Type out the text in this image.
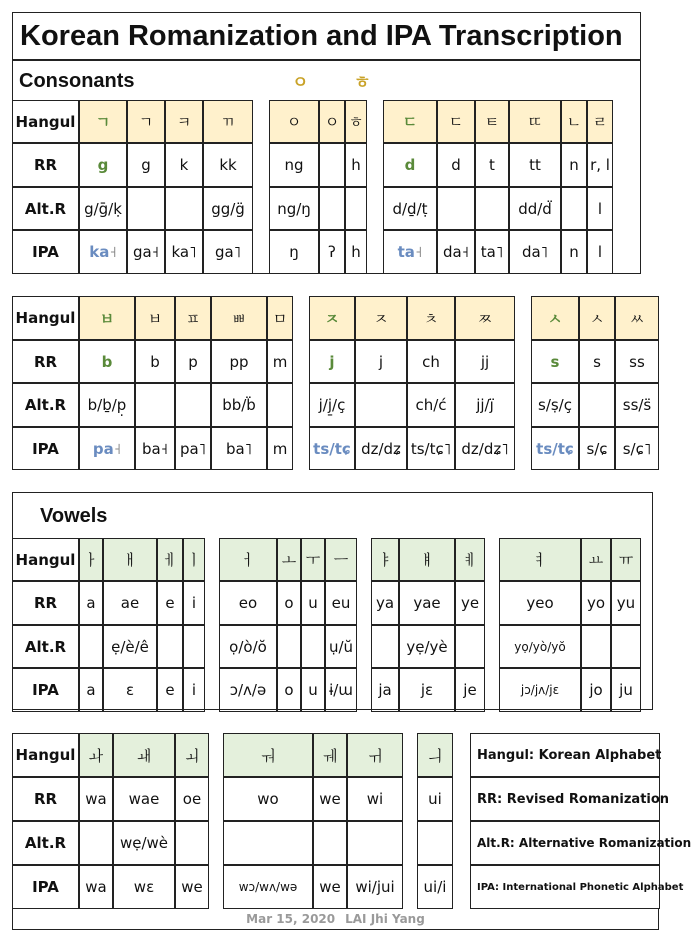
Korean Romanization and IPA Transcription
Consonants	ㅇ	ㅎ
Vowels
Hangul
RR
Alt.R
IPA
ㄱ
g
g/ḡ/ḳ
ka ˧
ㄱ
g
ga˧
ㅋ
k
ka˥
ㄲ
kk
gg/g̈
ga˥
ㅇ
ng
ng/ŋ
ŋ
ㅇ
ʔ
ㅎ
h
h
ㄷ
d
d/ḏ/ṭ
ta ˧
ㄷ
d
da˧
ㅌ
t
ta˥
ㄸ
tt
dd/d̈
da˥
ㄴ
n
n
ㄹ
r, l
l
l
Hangul
RR
Alt.R
IPA
ㅂ
b
b/ḇ/p̣
pa ˧
ㅂ
b
ba˧
ㅍ
p
pa˥
ㅃ
pp
bb/b̈
ba˥
ㅁ
m
m
ㅈ
j
j/j̱/ç
ts/tɕ
ㅈ
j
dz/dʑ
ㅊ
ch
ch/ć
ts/tɕ˥
ㅉ
jj
jj/j̈
dz/dʑ˥
ㅅ
s
s/ṣ/ç
ts/tɕ
ㅅ
s
s/ɕ
ㅆ
ss
ss/s̈
s/ɕ˥
Hangul
RR
Alt.R
IPA
ㅏ
a
a
ㅐ
ae
ẹ/è/ê
ɛ
ㅔ
e
e
ㅣ
i
i
ㅓ
eo
ọ/ò/ŏ
ɔ/ʌ/ə
ㅗ
o
o
ㅜ
u
u
ㅡ
eu
ụ/ŭ
ɨ/ɯ
ㅑ
ya
ja
ㅒ
yae
yẹ/yè
jɛ
ㅖ
ye
je
ㅕ
yeo
yọ/yò/yŏ
jɔ/jʌ/jɛ
ㅛ
yo
jo
ㅠ
yu
ju
Hangul
RR
Alt.R
IPA
ㅘ
wa
wa
ㅙ
wae
wẹ/wè
wɛ
ㅚ
oe
we
ㅝ
wo
wɔ/wʌ/wə
ㅞ
we
we
ㅟ
wi
wi/jui
ㅢ
ui
ui/i
Hangul: Korean Alphabet
RR: Revised Romanization
Alt.R: Alternative Romanization
IPA: International Phonetic Alphabet
Mar 15, 2020 LAI Jhi Yang
